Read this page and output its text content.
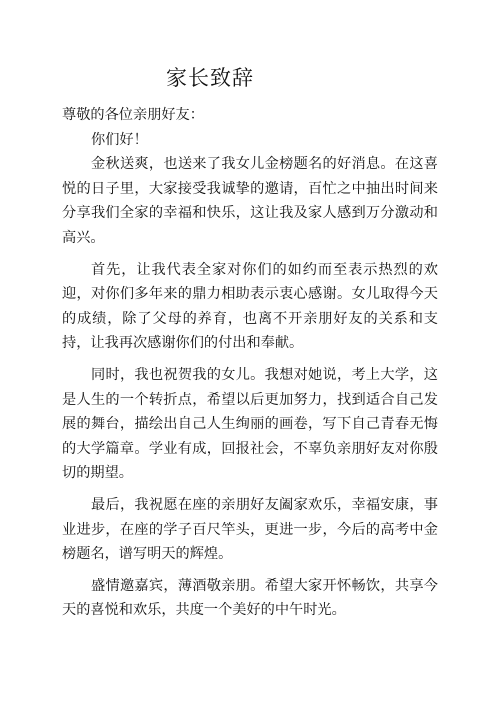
家长致辞

尊敬的各位亲朋好友：

你们好！

金秋送爽，也送来了我女儿金榜题名的好消息。在这喜悦的日子里，大家接受我诚挚的邀请，百忙之中抽出时间来分享我们全家的幸福和快乐，这让我及家人感到万分激动和高兴。

首先，让我代表全家对你们的如约而至表示热烈的欢迎，对你们多年来的鼎力相助表示衷心感谢。女儿取得今天的成绩，除了父母的养育，也离不开亲朋好友的关系和支持，让我再次感谢你们的付出和奉献。

同时，我也祝贺我的女儿。我想对她说，考上大学，这是人生的一个转折点，希望以后更加努力，找到适合自己发展的舞台，描绘出自己人生绚丽的画卷，写下自己青春无悔的大学篇章。学业有成，回报社会，不辜负亲朋好友对你殷切的期望。

最后，我祝愿在座的亲朋好友阖家欢乐，幸福安康，事业进步，在座的学子百尺竿头，更进一步，今后的高考中金榜题名，谱写明天的辉煌。

盛情邀嘉宾，薄酒敬亲朋。希望大家开怀畅饮，共享今天的喜悦和欢乐，共度一个美好的中午时光。
